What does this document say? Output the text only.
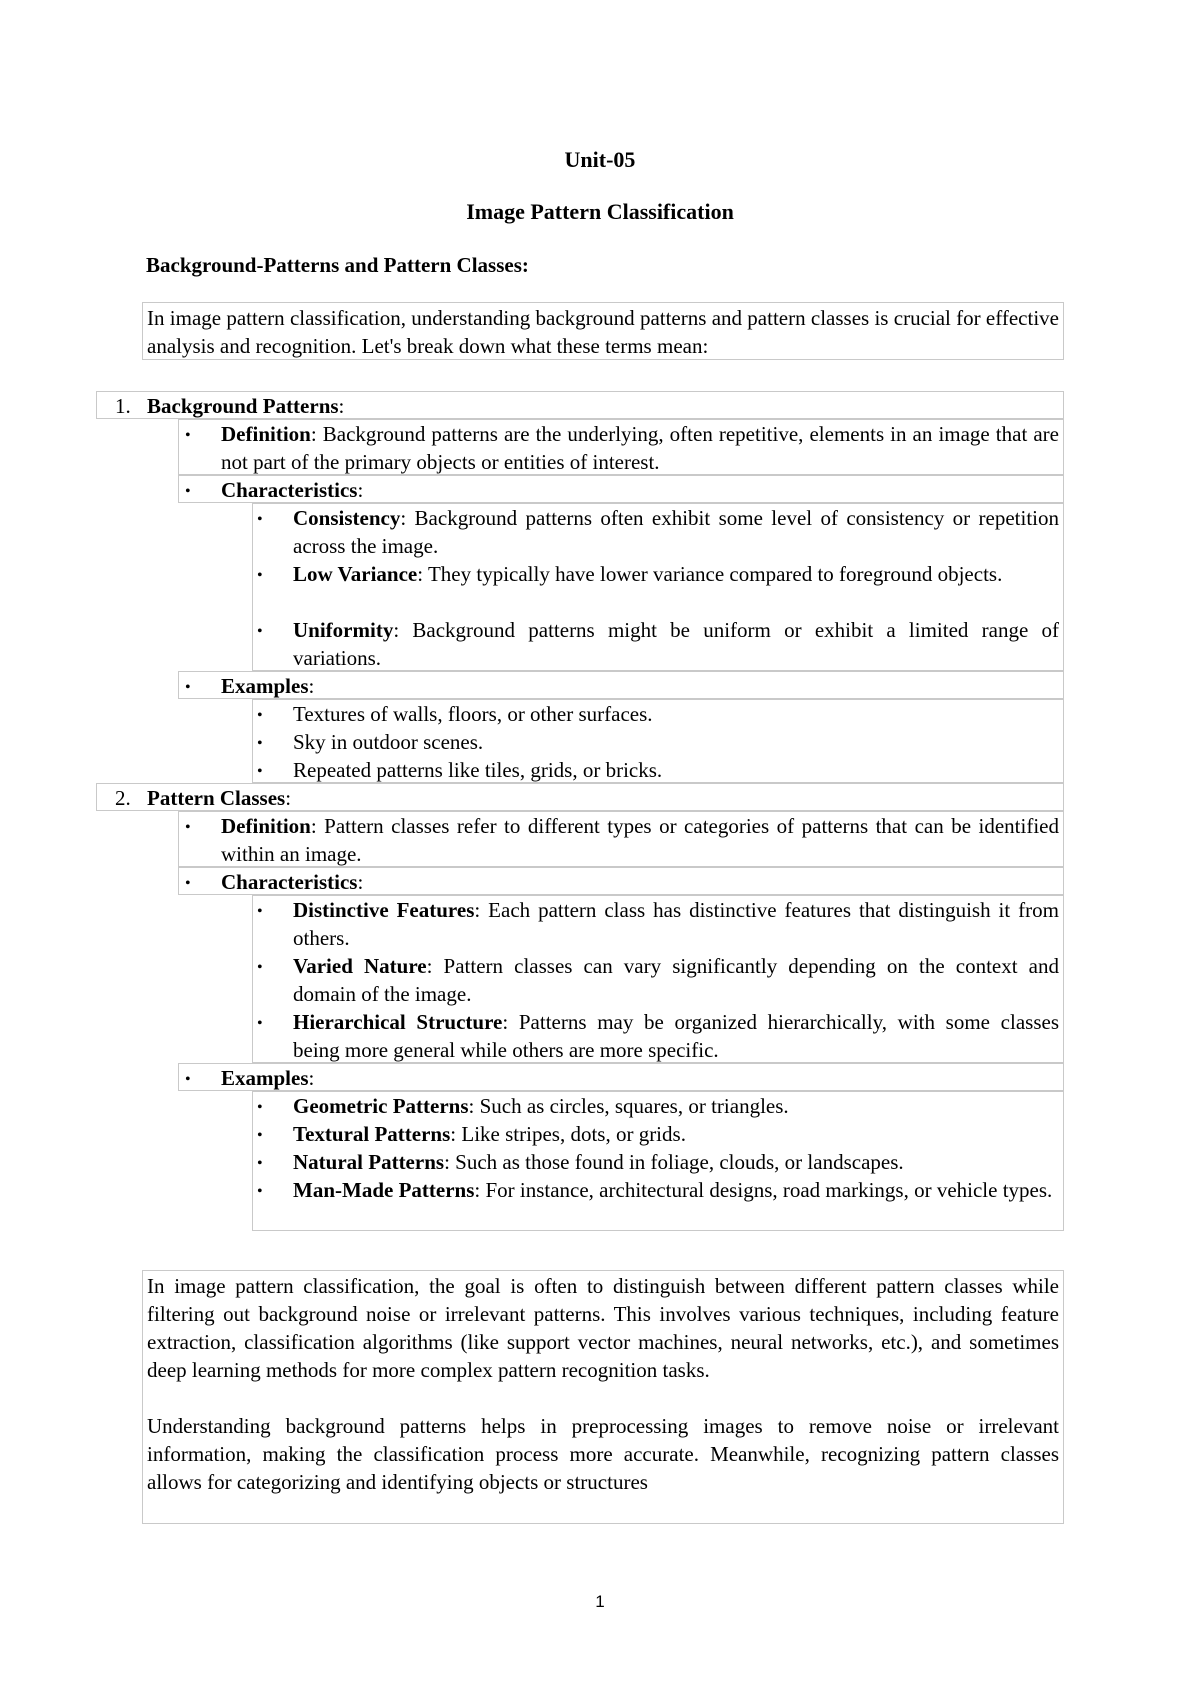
Unit-05
Image Pattern Classification
Background-Patterns and Pattern Classes:
In image pattern classification, understanding background patterns and pattern classes is crucial for effective analysis and recognition. Let's break down what these terms mean:
1. Background Patterns:
• Definition: Background patterns are the underlying, often repetitive, elements in an image that are not part of the primary objects or entities of interest.
• Characteristics:
• Consistency: Background patterns often exhibit some level of consistency or repetition across the image.
• Low Variance: They typically have lower variance compared to foreground objects.
• Uniformity: Background patterns might be uniform or exhibit a limited range of variations.
• Examples:
• Textures of walls, floors, or other surfaces.
• Sky in outdoor scenes.
• Repeated patterns like tiles, grids, or bricks.
2. Pattern Classes:
• Definition: Pattern classes refer to different types or categories of patterns that can be identified within an image.
• Characteristics:
• Distinctive Features: Each pattern class has distinctive features that distinguish it from others.
• Varied Nature: Pattern classes can vary significantly depending on the context and domain of the image.
• Hierarchical Structure: Patterns may be organized hierarchically, with some classes being more general while others are more specific.
• Examples:
• Geometric Patterns: Such as circles, squares, or triangles.
• Textural Patterns: Like stripes, dots, or grids.
• Natural Patterns: Such as those found in foliage, clouds, or landscapes.
• Man-Made Patterns: For instance, architectural designs, road markings, or vehicle types.

In image pattern classification, the goal is often to distinguish between different pattern classes while filtering out background noise or irrelevant patterns. This involves various techniques, including feature extraction, classification algorithms (like support vector machines, neural networks, etc.), and sometimes deep learning methods for more complex pattern recognition tasks.

Understanding background patterns helps in preprocessing images to remove noise or irrelevant information, making the classification process more accurate. Meanwhile, recognizing pattern classes allows for categorizing and identifying objects or structures

1
